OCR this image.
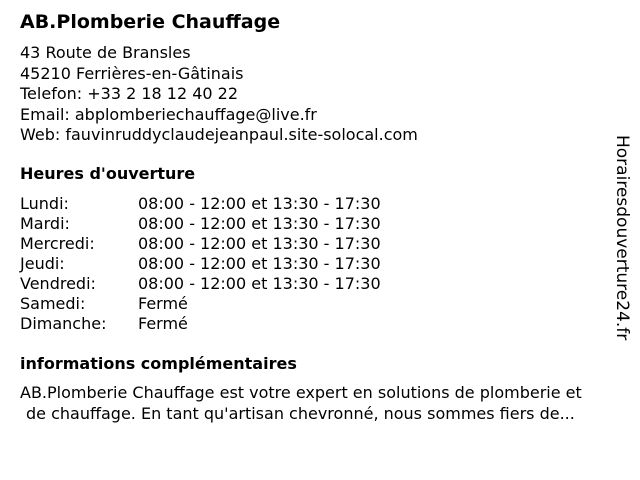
AB.Plomberie Chauffage
43 Route de Bransles
45210 Ferrières-en-Gâtinais
Telefon: +33 2 18 12 40 22
Email: abplomberiechauffage@live.fr
Web: fauvinruddyclaudejeanpaul.site-solocal.com
Heures d'ouverture
Lundi:	08:00 - 12:00 et 13:30 - 17:30
Mardi:	08:00 - 12:00 et 13:30 - 17:30
Mercredi:	08:00 - 12:00 et 13:30 - 17:30
Jeudi:	08:00 - 12:00 et 13:30 - 17:30
Vendredi:	08:00 - 12:00 et 13:30 - 17:30
Samedi:	Fermé
Dimanche: Fermé
informations complémentaires
AB.Plomberie Chauffage est votre expert en solutions de plomberie et
de chauffage. En tant qu'artisan chevronné, nous sommes fiers de...
Horairesdouverture24.fr
